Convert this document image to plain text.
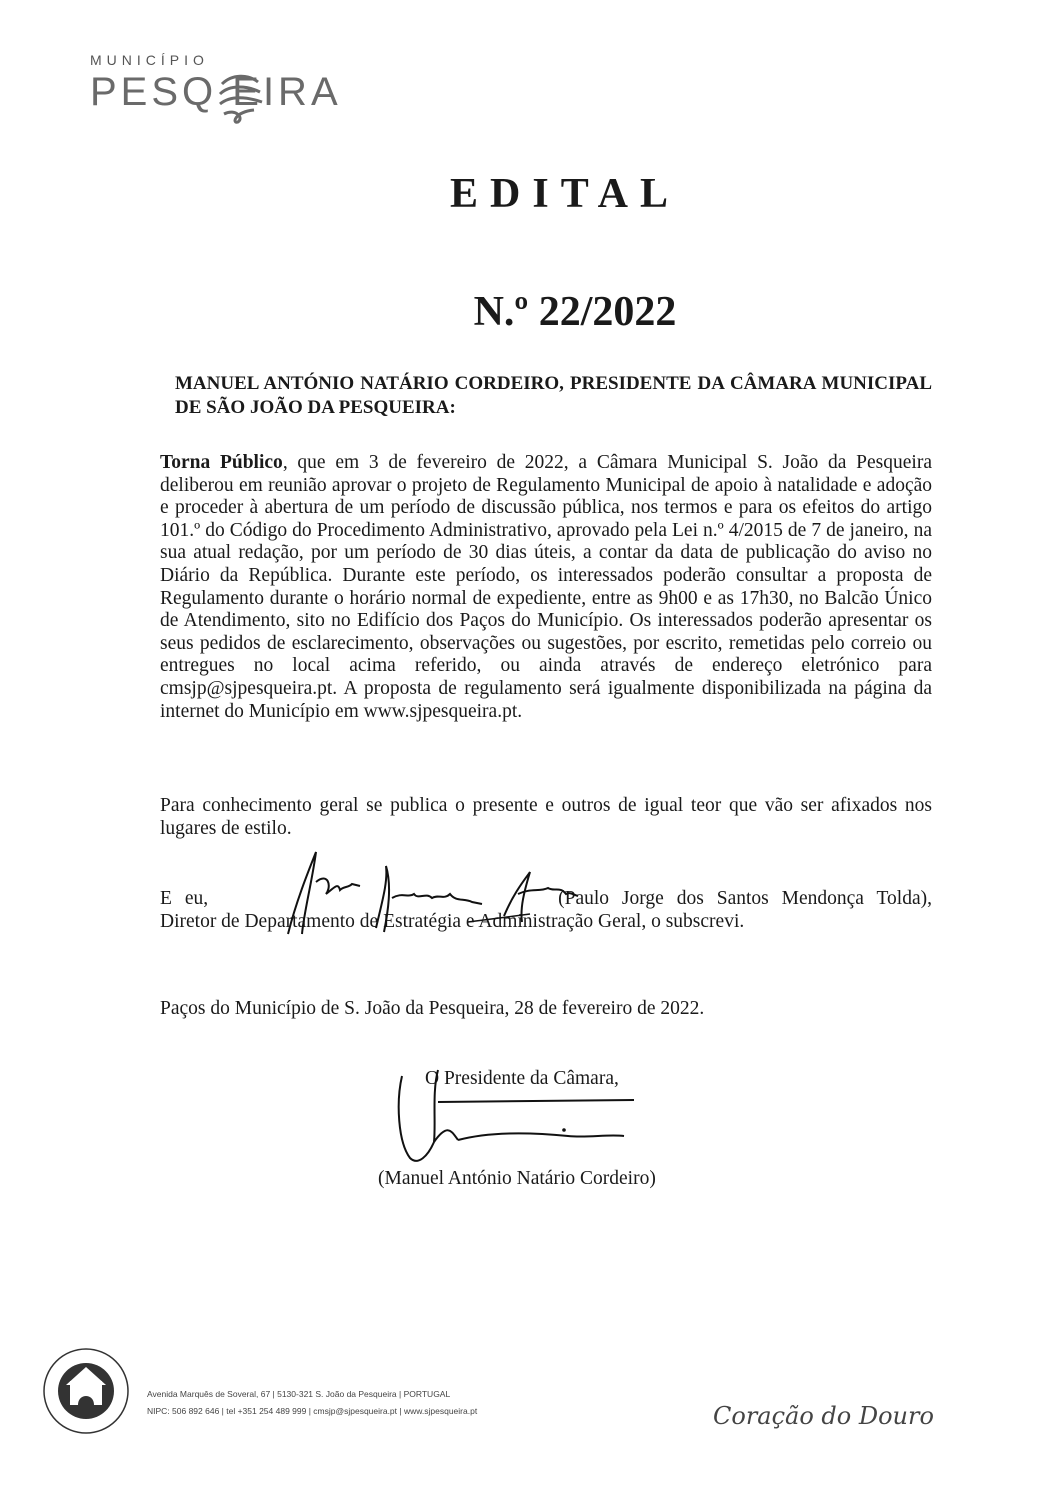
MUNICÍPIO
PESQ EIRA
EDITAL
N.º 22/2022
MANUEL ANTÓNIO NATÁRIO CORDEIRO, PRESIDENTE DA CÂMARA MUNICIPAL DE SÃO JOÃO DA PESQUEIRA:
Torna Público, que em 3 de fevereiro de 2022, a Câmara Municipal S. João da Pesqueira deliberou em reunião aprovar o projeto de Regulamento Municipal de apoio à natalidade e adoção e proceder à abertura de um período de discussão pública, nos termos e para os efeitos do artigo 101.º do Código do Procedimento Administrativo, aprovado pela Lei n.º 4/2015 de 7 de janeiro, na sua atual redação, por um período de 30 dias úteis, a contar da data de publicação do aviso no Diário da República. Durante este período, os interessados poderão consultar a proposta de Regulamento durante o horário normal de expediente, entre as 9h00 e as 17h30, no Balcão Único de Atendimento, sito no Edifício dos Paços do Município. Os interessados poderão apresentar os seus pedidos de esclarecimento, observações ou sugestões, por escrito, remetidas pelo correio ou entregues no local acima referido, ou ainda através de endereço eletrónico para cmsjp@sjpesqueira.pt. A proposta de regulamento será igualmente disponibilizada na página da internet do Município em www.sjpesqueira.pt.
Para conhecimento geral se publica o presente e outros de igual teor que vão ser afixados nos lugares de estilo.
E eu,	(Paulo Jorge dos Santos Mendonça Tolda), Diretor de Departamento de Estratégia e Administração Geral, o subscrevi.
Paços do Município de S. João da Pesqueira, 28 de fevereiro de 2022.
O Presidente da Câmara,
(Manuel António Natário Cordeiro)
Avenida Marquês de Soveral, 67 | 5130-321 S. João da Pesqueira | PORTUGAL
NIPC: 506 892 646 | tel +351 254 489 999 | cmsjp@sjpesqueira.pt | www.sjpesqueira.pt	Coração do Douro
